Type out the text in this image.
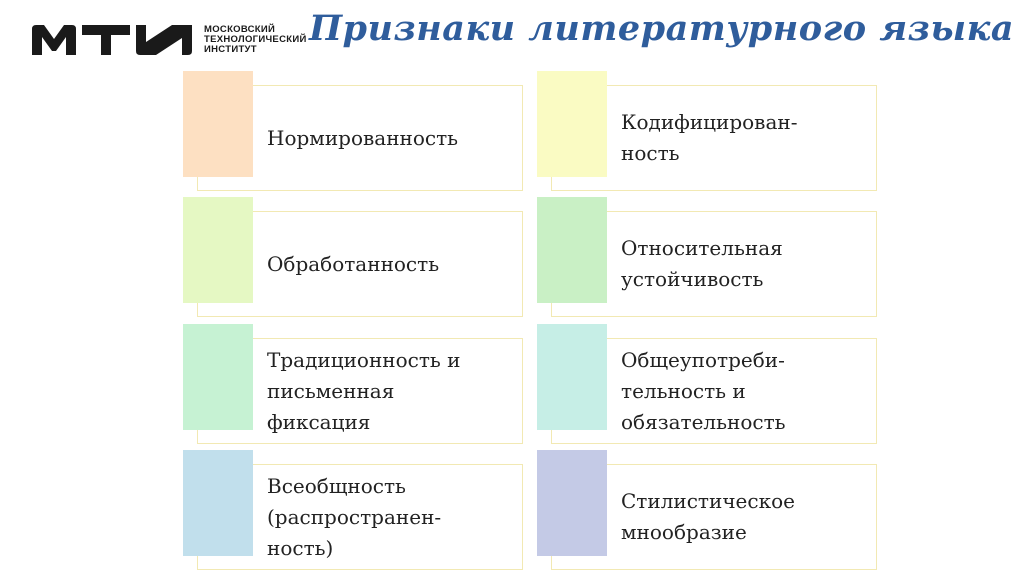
МОСКОВСКИЙ
ТЕХНОЛОГИЧЕСКИЙ
ИНСТИТУТ
Признаки литературного языка
Нормированность
Кодифицирован-
ность
Обработанность
Относительная
устойчивость
Традиционность и
письменная
фиксация
Общеупотреби-
тельность и
обязательность
Всеобщность
(распространен-
ность)
Стилистическое
мнообразие
